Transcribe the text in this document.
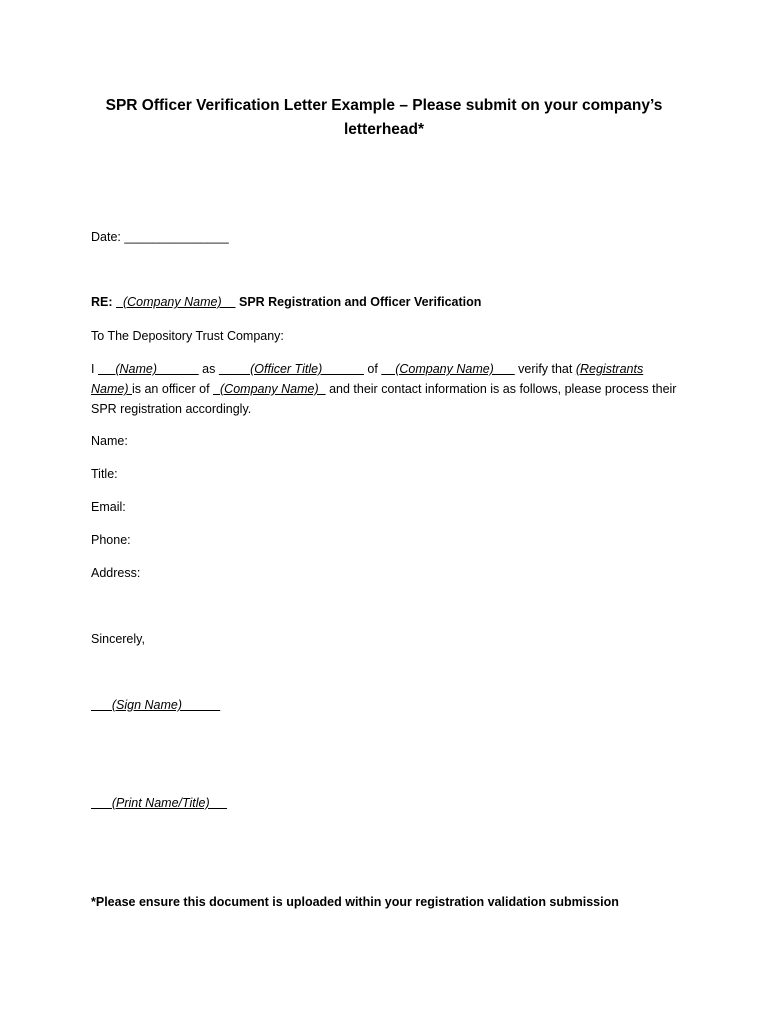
SPR Officer Verification Letter Example – Please submit on your company’s letterhead*
Date: _______________
RE:   (Company Name)     SPR Registration and Officer Verification
To The Depository Trust Company:
I      (Name)             as          (Officer Title)             of     (Company Name)       verify that (Registrants Name) is an officer of   (Company Name)   and their contact information is as follows, please process their SPR registration accordingly.
Name:
Title:
Email:
Phone:
Address:
Sincerely,
(Sign Name)
(Print Name/Title)
*Please ensure this document is uploaded within your registration validation submission
